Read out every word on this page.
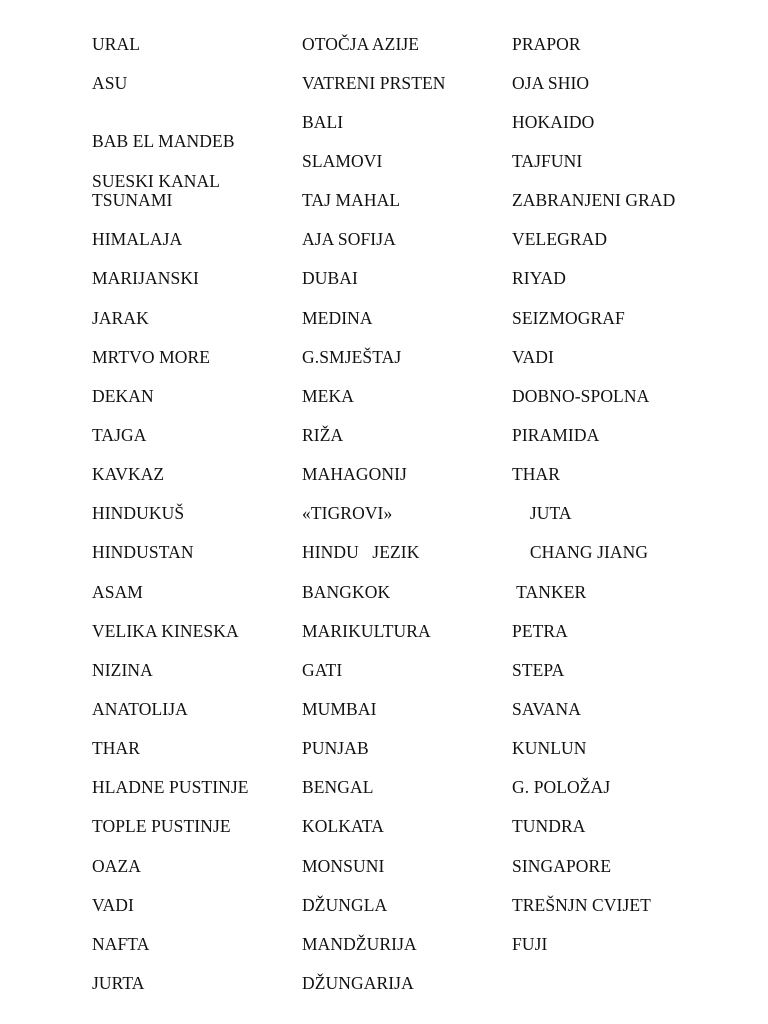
URAL
ASU
BAB EL MANDEB
SUESKI KANAL
TSUNAMI
HIMALAJA
MARIJANSKI
JARAK
MRTVO MORE
DEKAN
TAJGA
KAVKAZ
HINDUKUŠ
HINDUSTAN
ASAM
VELIKA KINESKA
NIZINA
ANATOLIJA
THAR
HLADNE PUSTINJE
TOPLE PUSTINJE
OAZA
VADI
NAFTA
JURTA
OTOČJA AZIJE
VATRENI PRSTEN
BALI
SLAMOVI
TAJ MAHAL
AJA SOFIJA
DUBAI
MEDINA
G.SMJEŠTAJ
MEKA
RIŽA
MAHAGONIJ
«TIGROVI»
HINDU   JEZIK
BANGKOK
MARIKULTURA
GATI
MUMBAI
PUNJAB
BENGAL
KOLKATA
MONSUNI
DŽUNGLA
MANDŽURIJA
DŽUNGARIJA
PRAPOR
OJA SHIO
HOKAIDO
TAJFUNI
ZABRANJENI GRAD
VELEGRAD
RIYAD
SEIZMOGRAF
VADI
DOBNO-SPOLNA
PIRAMIDA
THAR
JUTA
CHANG JIANG
TANKER
PETRA
STEPA
SAVANA
KUNLUN
G. POLOŽAJ
TUNDRA
SINGAPORE
TREŠNJN CVIJET
FUJI
